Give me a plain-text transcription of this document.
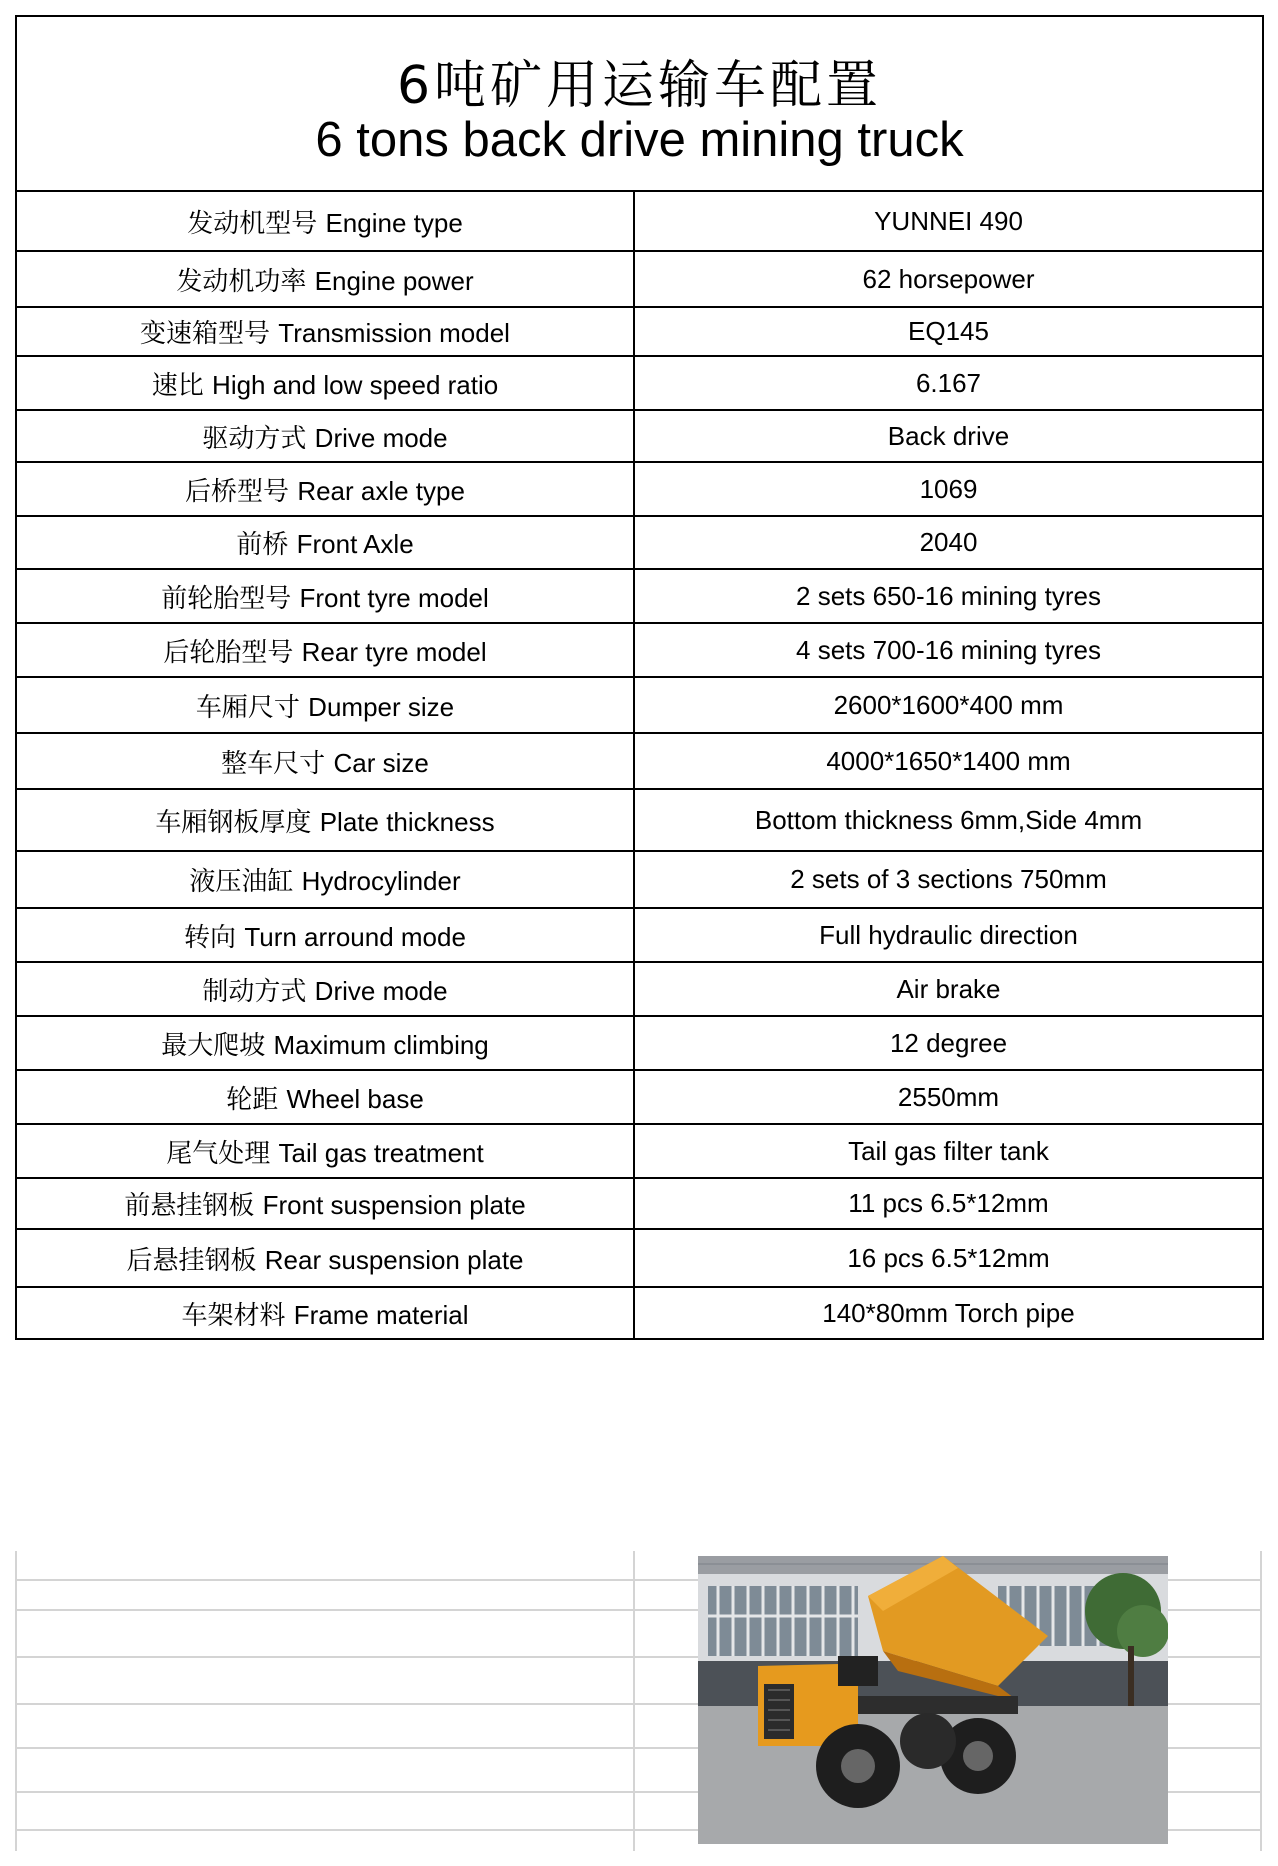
6吨矿用运输车配置
6 tons back drive mining truck
发动机型号 Engine type	YUNNEI 490
发动机功率 Engine power	62 horsepower
变速箱型号 Transmission model	EQ145
速比 High and low speed ratio	6.167
驱动方式 Drive mode	Back drive
后桥型号 Rear axle type	1069
前桥 Front Axle	2040
前轮胎型号 Front tyre model	2 sets 650-16 mining tyres
后轮胎型号 Rear tyre model	4 sets 700-16 mining tyres
车厢尺寸 Dumper size	2600*1600*400 mm
整车尺寸 Car size	4000*1650*1400 mm
车厢钢板厚度 Plate thickness	Bottom thickness 6mm,Side 4mm
液压油缸 Hydrocylinder	2 sets of 3 sections 750mm
转向 Turn arround mode	Full hydraulic direction
制动方式 Drive mode	Air brake
最大爬坡 Maximum climbing	12 degree
轮距 Wheel base	2550mm
尾气处理 Tail gas treatment	Tail gas filter tank
前悬挂钢板 Front suspension plate	11 pcs 6.5*12mm
后悬挂钢板 Rear suspension plate	16 pcs 6.5*12mm
车架材料 Frame material	140*80mm Torch pipe
